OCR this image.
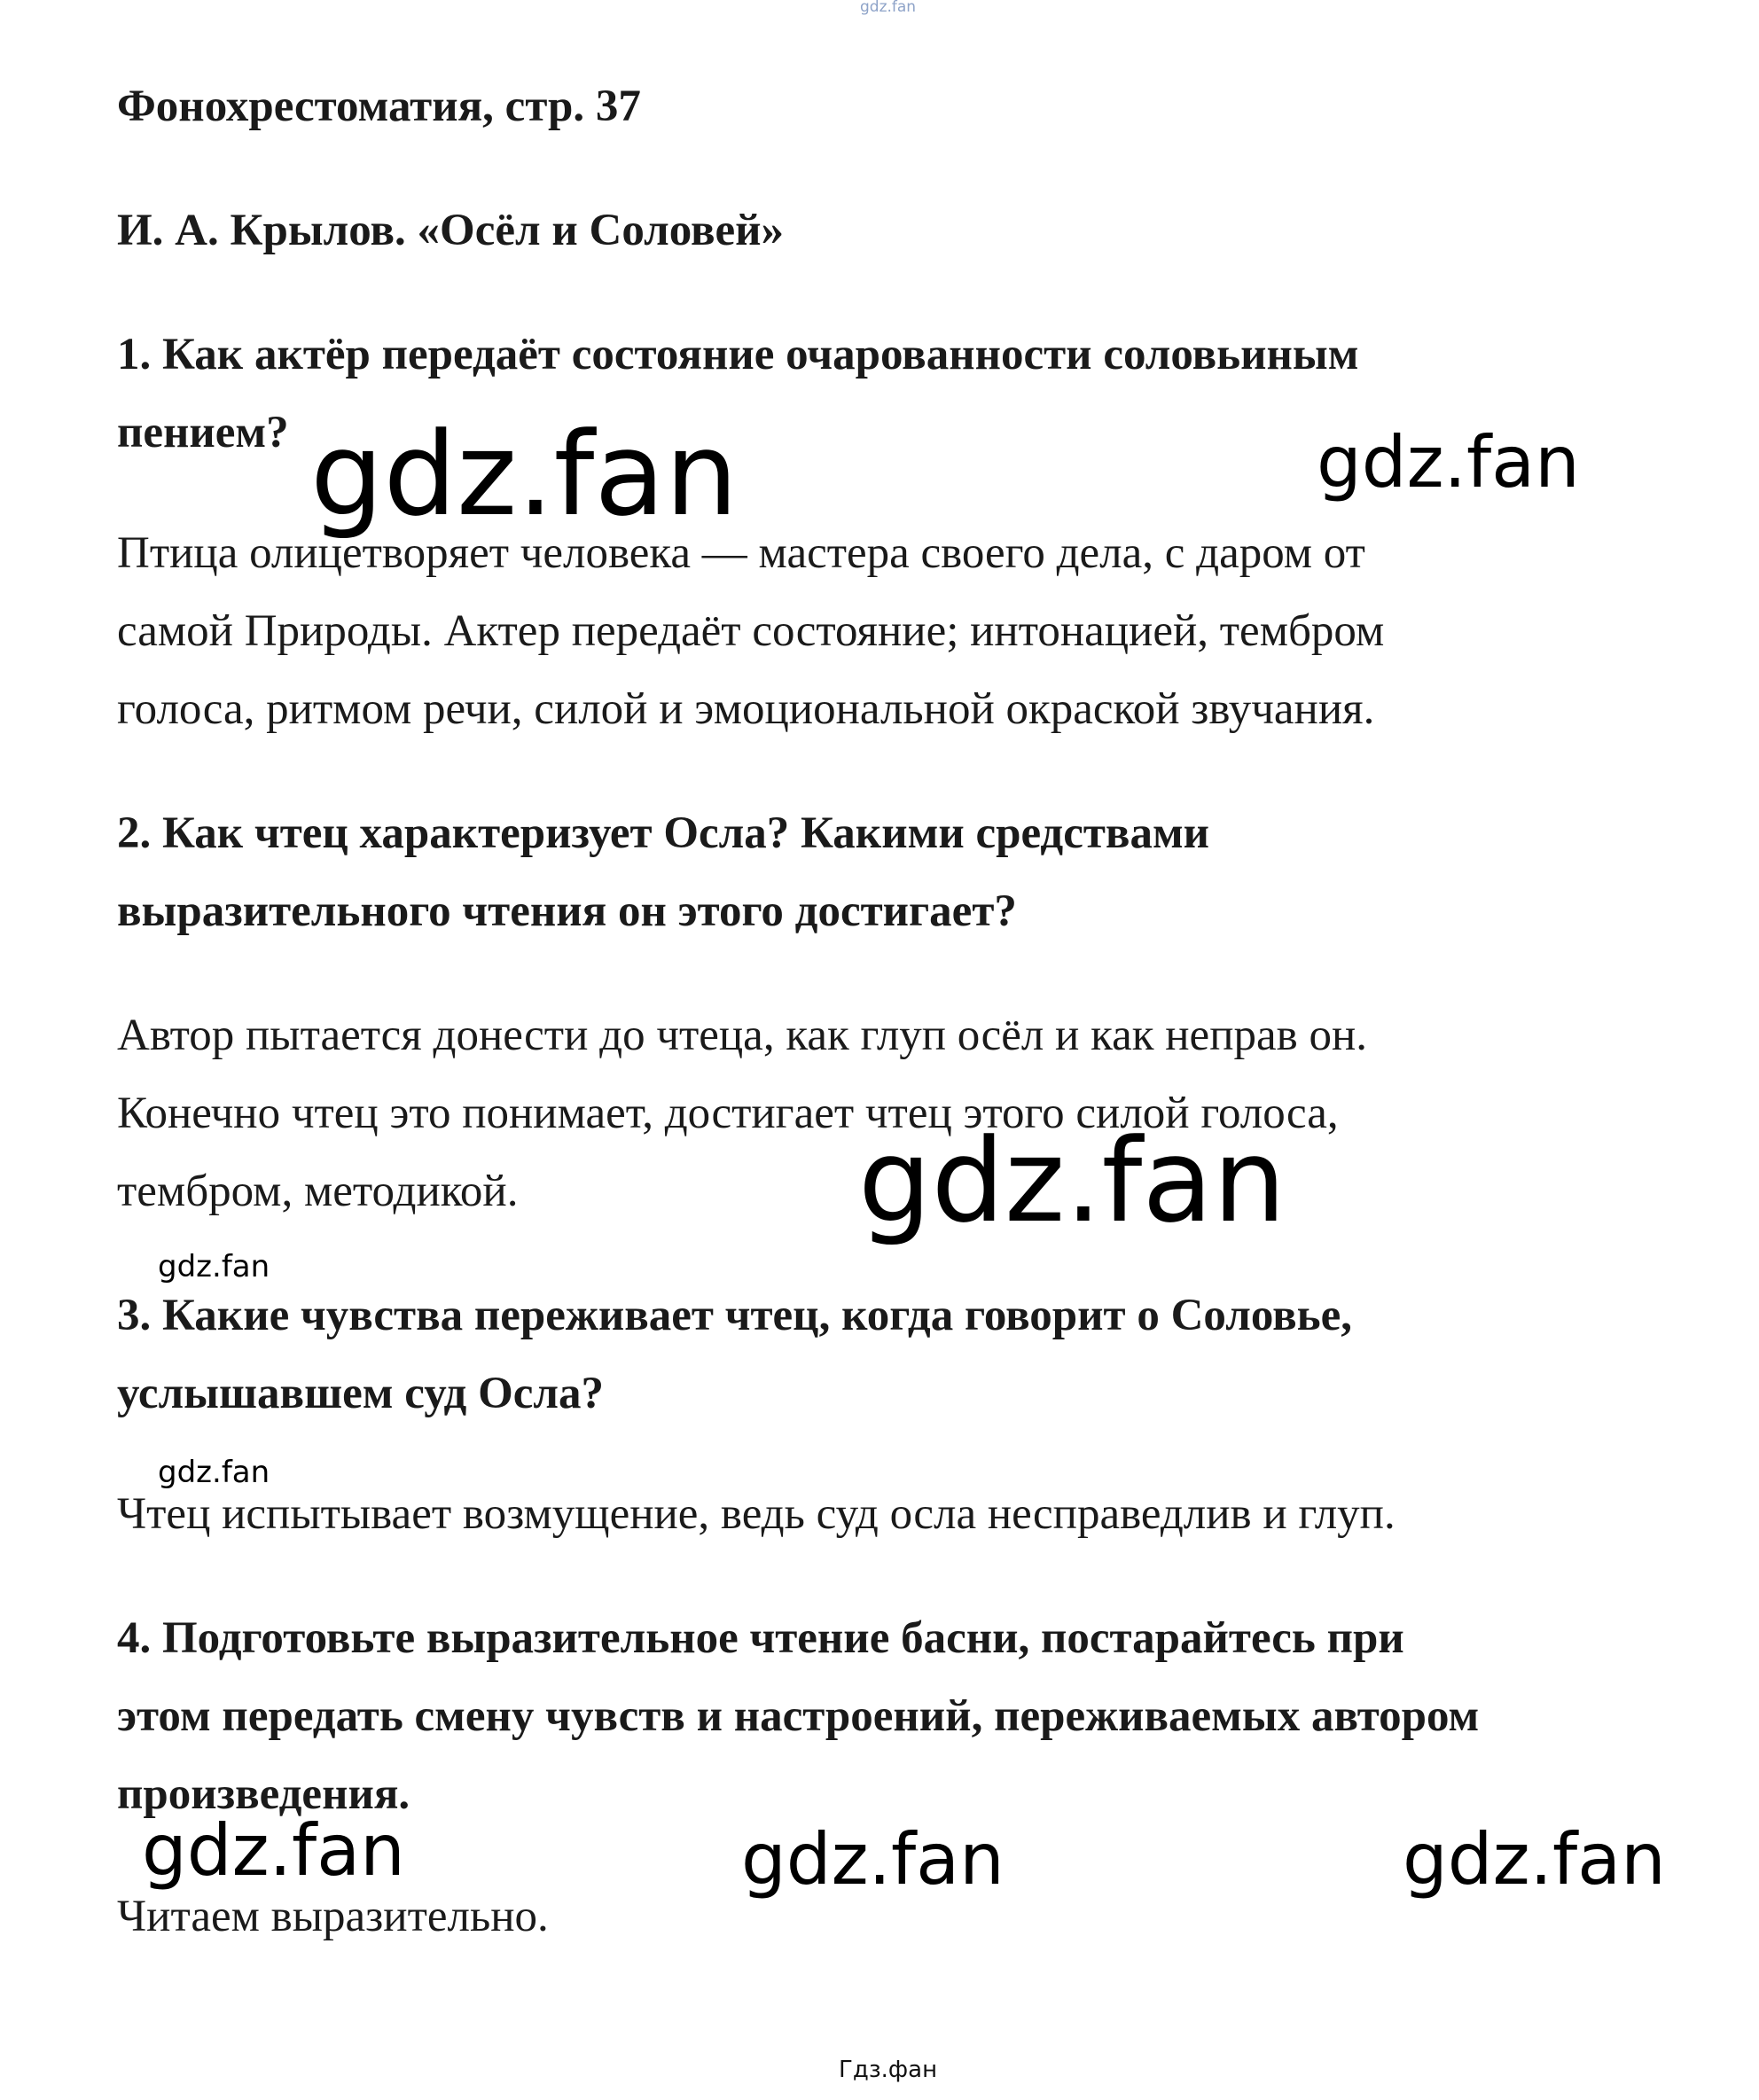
gdz.fan
Фонохрестоматия, стр. 37
И. А. Крылов. «Осёл и Соловей»
1. Как актёр передаёт состояние очарованности соловьиным
пением?
Птица олицетворяет человека — мастера своего дела, с даром от
самой Природы. Актер передаёт состояние; интонацией, тембром
голоса, ритмом речи, силой и эмоциональной окраской звучания.
2. Как чтец характеризует Осла? Какими средствами
выразительного чтения он этого достигает?
Автор пытается донести до чтеца, как глуп осёл и как неправ он.
Конечно чтец это понимает, достигает чтец этого силой голоса,
тембром, методикой.
3. Какие чувства переживает чтец, когда говорит о Соловье,
услышавшем суд Осла?
Чтец испытывает возмущение, ведь суд осла несправедлив и глуп.
4. Подготовьте выразительное чтение басни, постарайтесь при
этом передать смену чувств и настроений, переживаемых автором
произведения.
Читаем выразительно.
gdz.fan	gdz.fan
gdz.fan
gdz.fan
gdz.fan
gdz.fan	gdz.fan	gdz.fan
Гдз.фан
